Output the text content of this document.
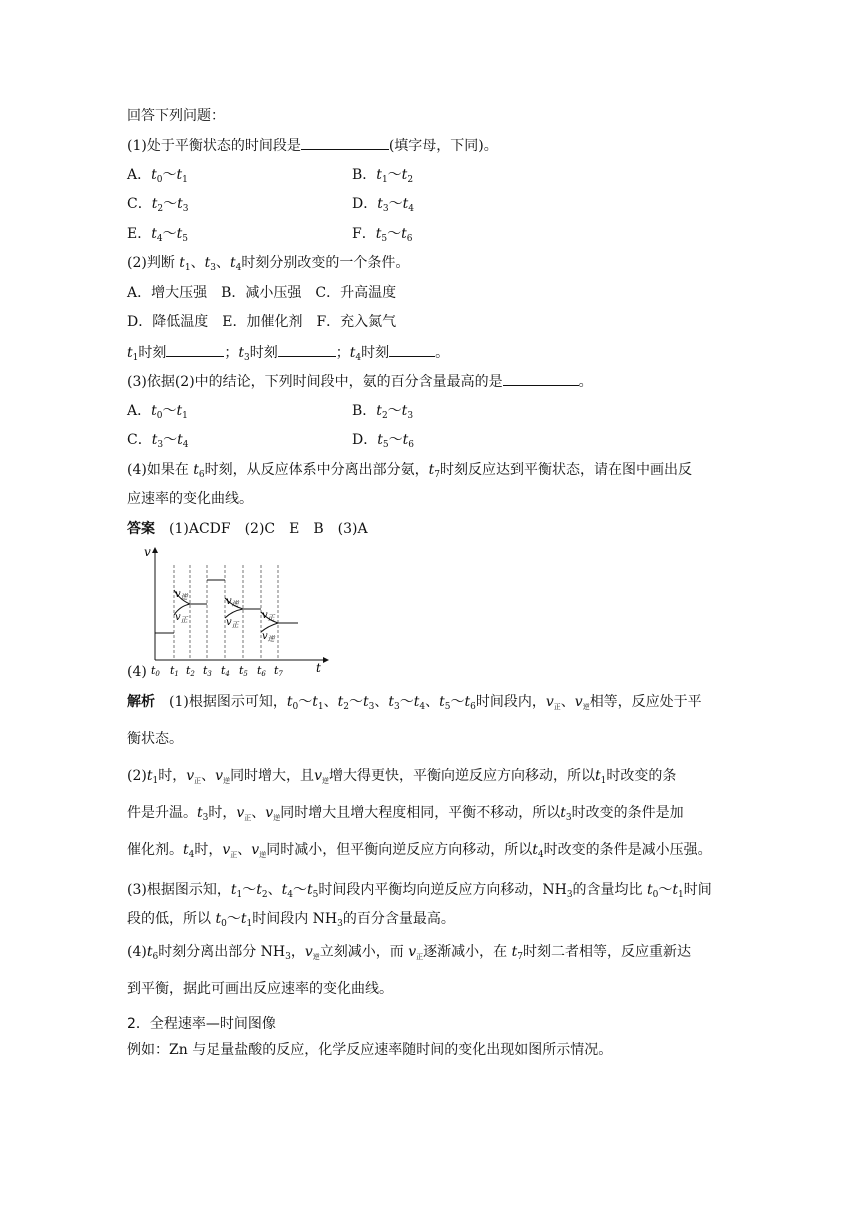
回答下列问题：
(1)处于平衡状态的时间段是	(填字母，下同)。
A．$t_0\sim t_1$	B．$t_1\sim t_2$
C．$t_2\sim t_3$	D．$t_3\sim t_4$
E．$t_4\sim t_5$	F．$t_5\sim t_6$
(2)判断 $t_1$、$t_3$、$t_4$时刻分别改变的一个条件。
A．增大压强　B．减小压强　C．升高温度
D．降低温度　E．加催化剂　F．充入氮气
$t_1$时刻	；$t_3$时刻	；$t_4$时刻	。
(3)依据(2)中的结论，下列时间段中，氨的百分含量最高的是	。
A．$t_0\sim t_1$	B．$t_2\sim t_3$
C．$t_3\sim t_4$	D．$t_5\sim t_6$
(4)如果在 $t_6$时刻，从反应体系中分离出部分氨，$t_7$时刻反应达到平衡状态，请在图中画出反
应速率的变化曲线。
答案　 (1)ACDF　(2)C　E　B　(3)A
(4)
v
t
$v_逆$
$v_正$
$v_逆$
$v_正$
$v_正$
$v_逆$
t0 t1 t2 t3 t4 t5 t6 t7
解析　 (1)根据图示可知，$t_0\sim t_1$、$t_2\sim t_3$、$t_3\sim t_4$、$t_5\sim t_6$时间段内，$v_正$、$v_逆$相等，反应处于平
衡状态。
$(2)t_1$时，$v_正$、$v_逆$同时增大，且$v_逆$增大得更快，平衡向逆反应方向移动，所以$t_1$时改变的条
件是升温。$t_3$时，$v_正$、$v_逆$同时增大且增大程度相同，平衡不移动，所以$t_3$时改变的条件是加
催化剂。$t_4$时，$v_正$、$v_逆$同时减小，但平衡向逆反应方向移动，所以$t_4$时改变的条件是减小压强。
(3)根据图示知，$t_1\sim t_2$、$t_4\sim t_5$时间段内平衡均向逆反应方向移动，$NH_3$的含量均比 $t_0\sim t_1$时间
段的低，所以 $t_0\sim t_1$时间段内 $NH_3$的百分含量最高。
$(4)t_6$时刻分离出部分 $NH_3$，$v_逆$立刻减小，而 $v_正$逐渐减小，在 $t_7$时刻二者相等，反应重新达
到平衡，据此可画出反应速率的变化曲线。
2．全程速率—时间图像
例如：Zn 与足量盐酸的反应，化学反应速率随时间的变化出现如图所示情况。
